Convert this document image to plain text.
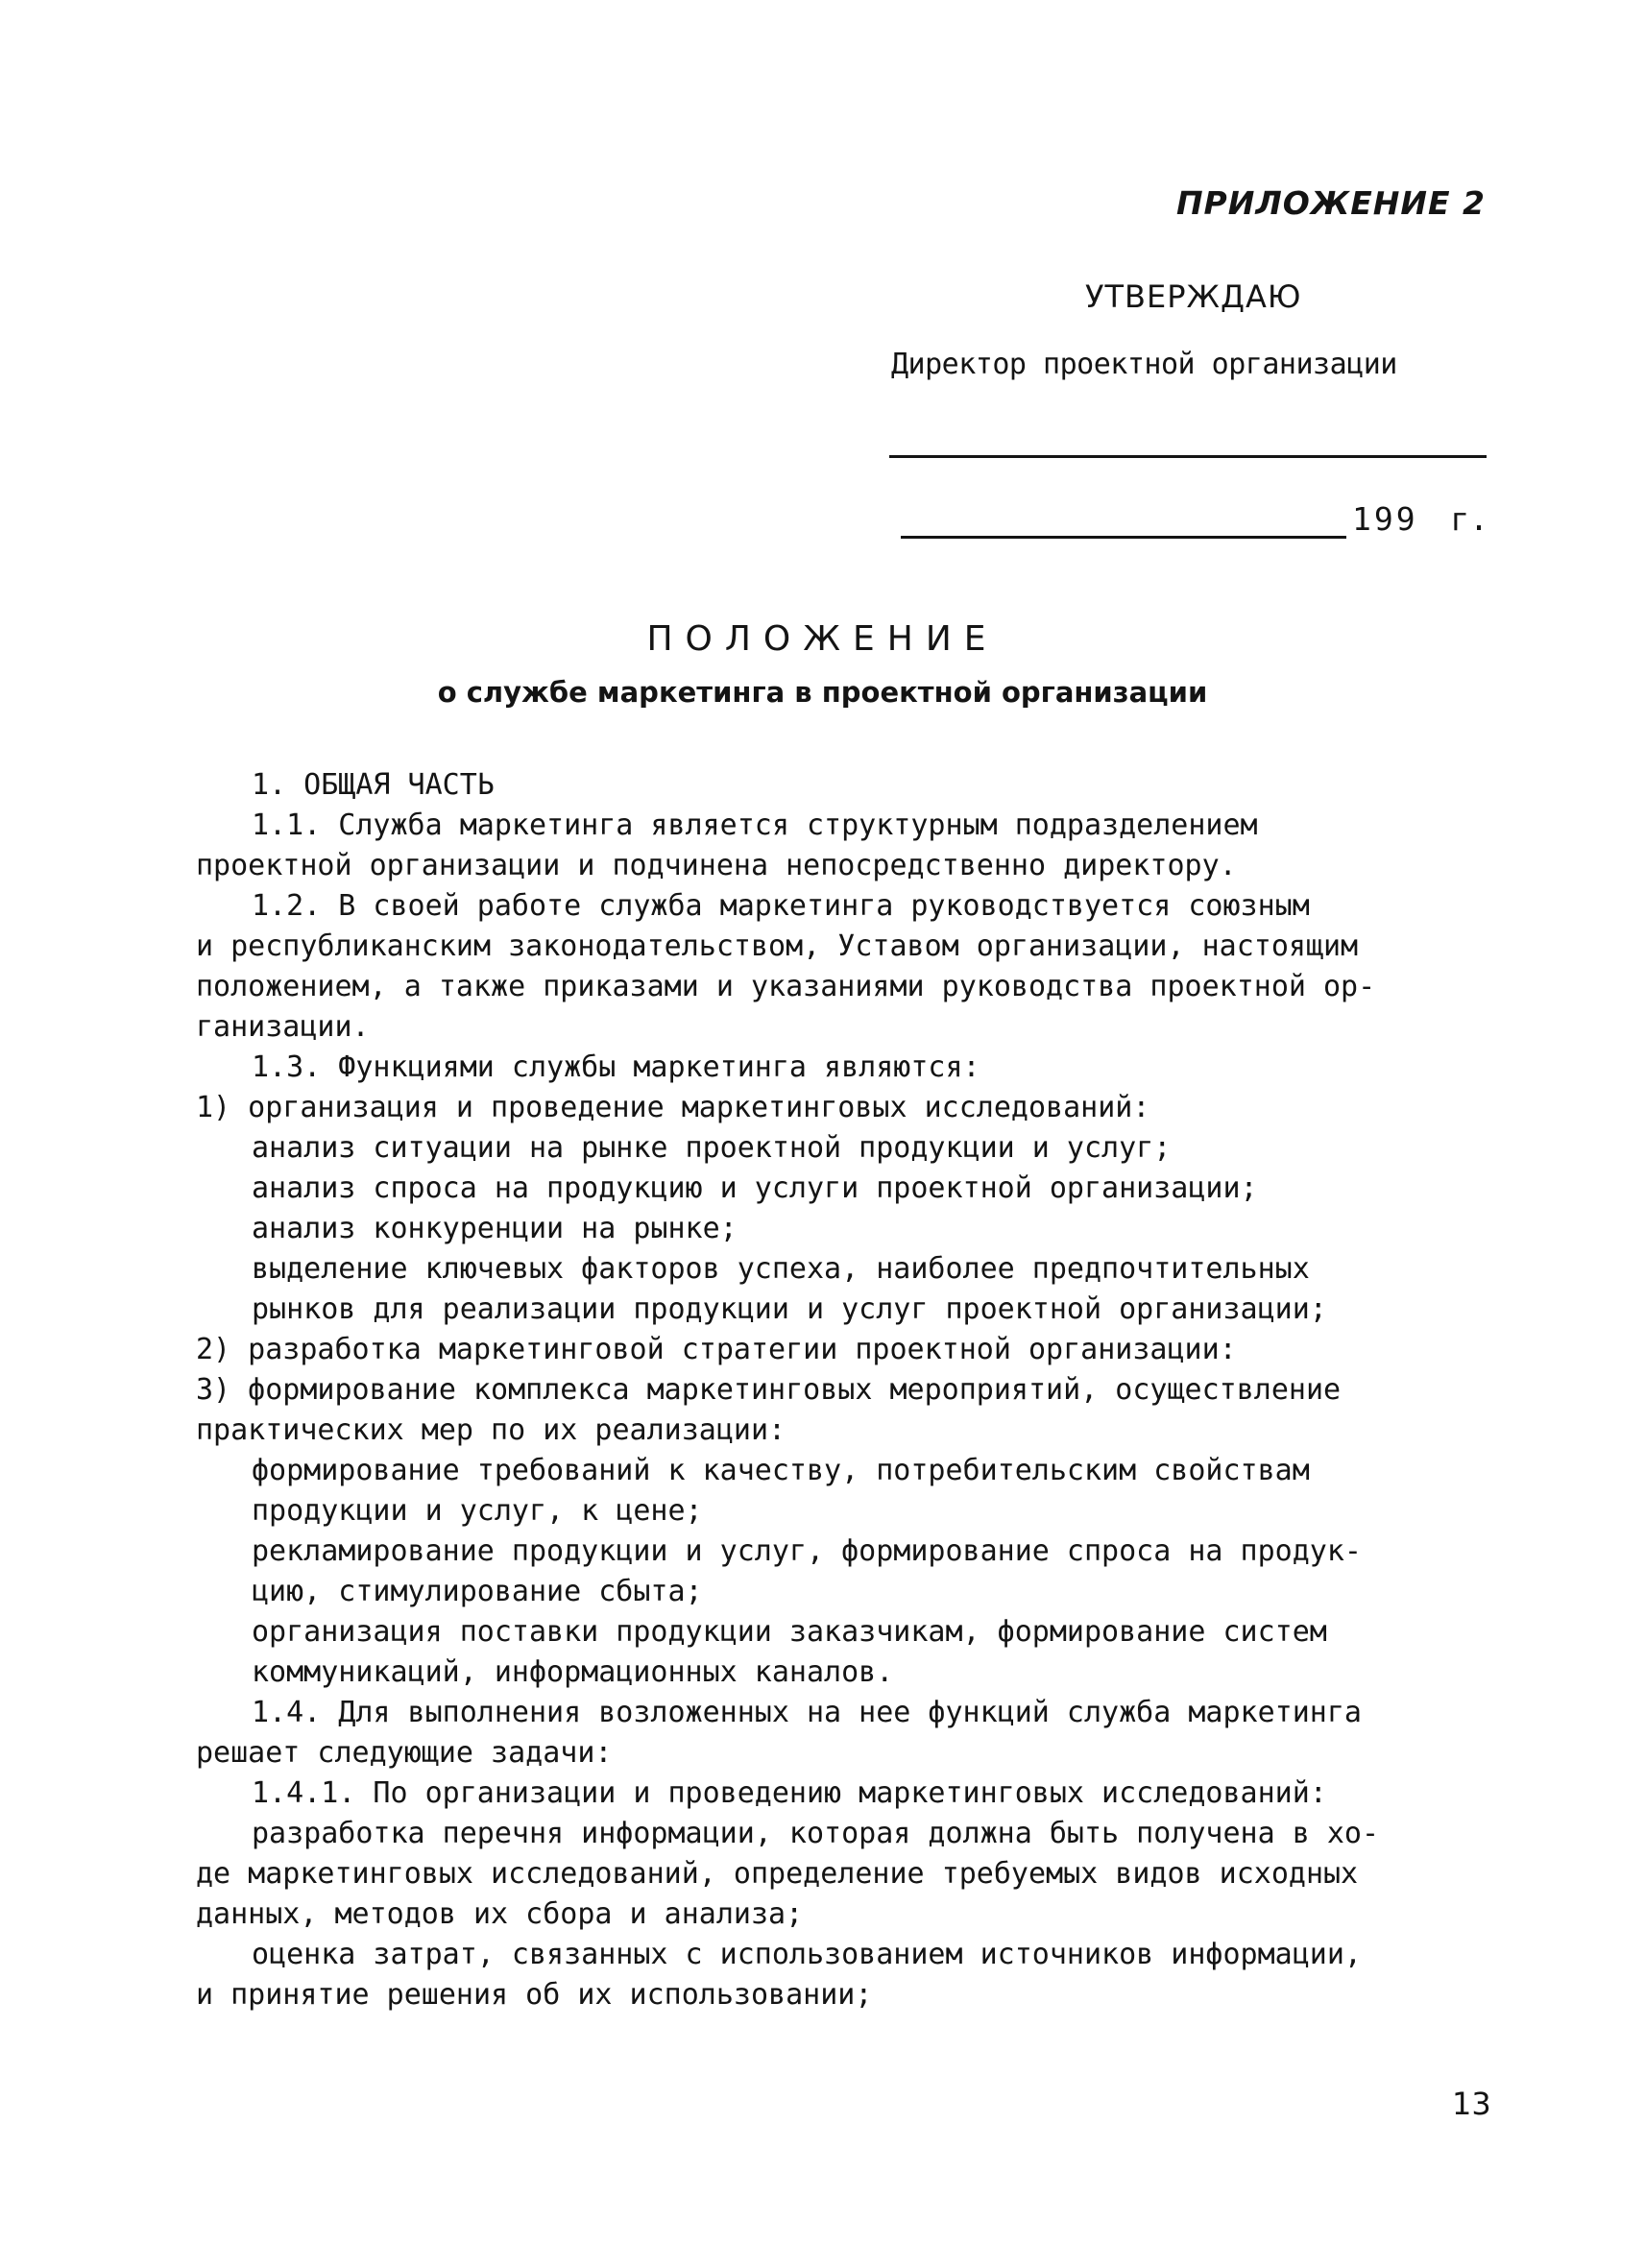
ПРИЛОЖЕНИЕ 2
УТВЕРЖДАЮ
Директор проектной организации
199 г.
ПОЛОЖЕНИЕ
о службе маркетинга в проектной организации
1. ОБЩАЯ ЧАСТЬ
1.1. Служба маркетинга является структурным подразделением
проектной организации и подчинена непосредственно директору.
1.2. В своей работе служба маркетинга руководствуется союзным
и республиканским законодательством, Уставом организации, настоящим
положением, а также приказами и указаниями руководства проектной ор-
ганизации.
1.3. Функциями службы маркетинга являются:
1) организация и проведение маркетинговых исследований:
анализ ситуации на рынке проектной продукции и услуг;
анализ спроса на продукцию и услуги проектной организации;
анализ конкуренции на рынке;
выделение ключевых факторов успеха, наиболее предпочтительных
рынков для реализации продукции и услуг проектной организации;
2) разработка маркетинговой стратегии проектной организации:
3) формирование комплекса маркетинговых мероприятий, осуществление
практических мер по их реализации:
формирование требований к качеству, потребительским свойствам
продукции и услуг, к цене;
рекламирование продукции и услуг, формирование спроса на продук-
цию, стимулирование сбыта;
организация поставки продукции заказчикам, формирование систем
коммуникаций, информационных каналов.
1.4. Для выполнения возложенных на нее функций служба маркетинга
решает следующие задачи:
1.4.1. По организации и проведению маркетинговых исследований:
разработка перечня информации, которая должна быть получена в хо-
де маркетинговых исследований, определение требуемых видов исходных
данных, методов их сбора и анализа;
оценка затрат, связанных с использованием источников информации,
и принятие решения об их использовании;
13
